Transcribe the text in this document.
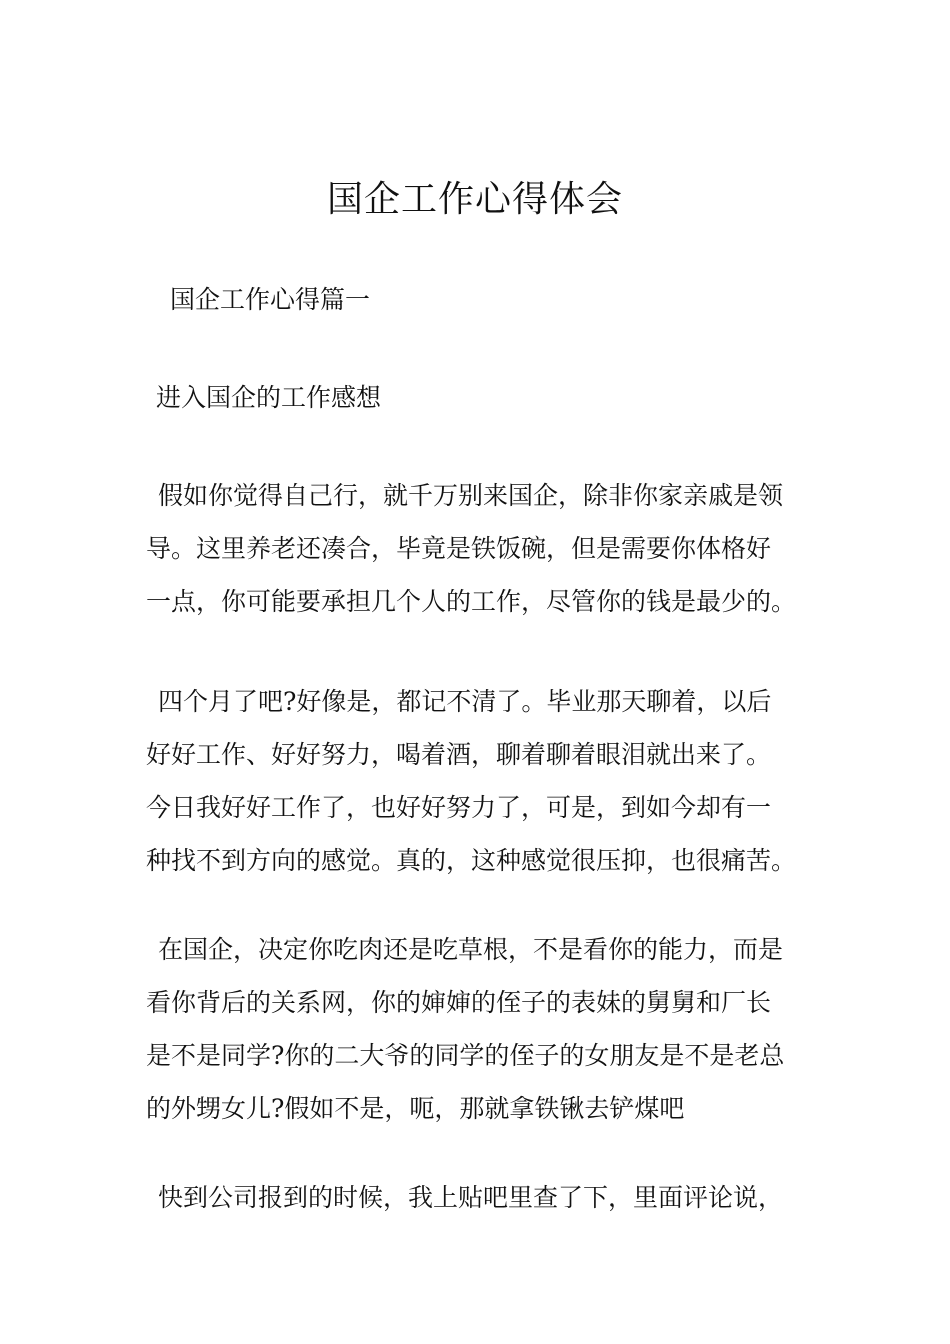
国企工作心得体会

国企工作心得篇一

进入国企的工作感想

假如你觉得自己行，就千万别来国企，除非你家亲戚是领
导。这里养老还凑合，毕竟是铁饭碗，但是需要你体格好
一点，你可能要承担几个人的工作，尽管你的钱是最少的。
四个月了吧?好像是，都记不清了。毕业那天聊着，以后
好好工作、好好努力，喝着酒，聊着聊着眼泪就出来了。
今日我好好工作了，也好好努力了，可是，到如今却有一
种找不到方向的感觉。真的，这种感觉很压抑，也很痛苦。
在国企，决定你吃肉还是吃草根，不是看你的能力，而是
看你背后的关系网，你的婶婶的侄子的表妹的舅舅和厂长
是不是同学?你的二大爷的同学的侄子的女朋友是不是老总
的外甥女儿?假如不是，呃，那就拿铁锹去铲煤吧
快到公司报到的时候，我上贴吧里查了下，里面评论说，
